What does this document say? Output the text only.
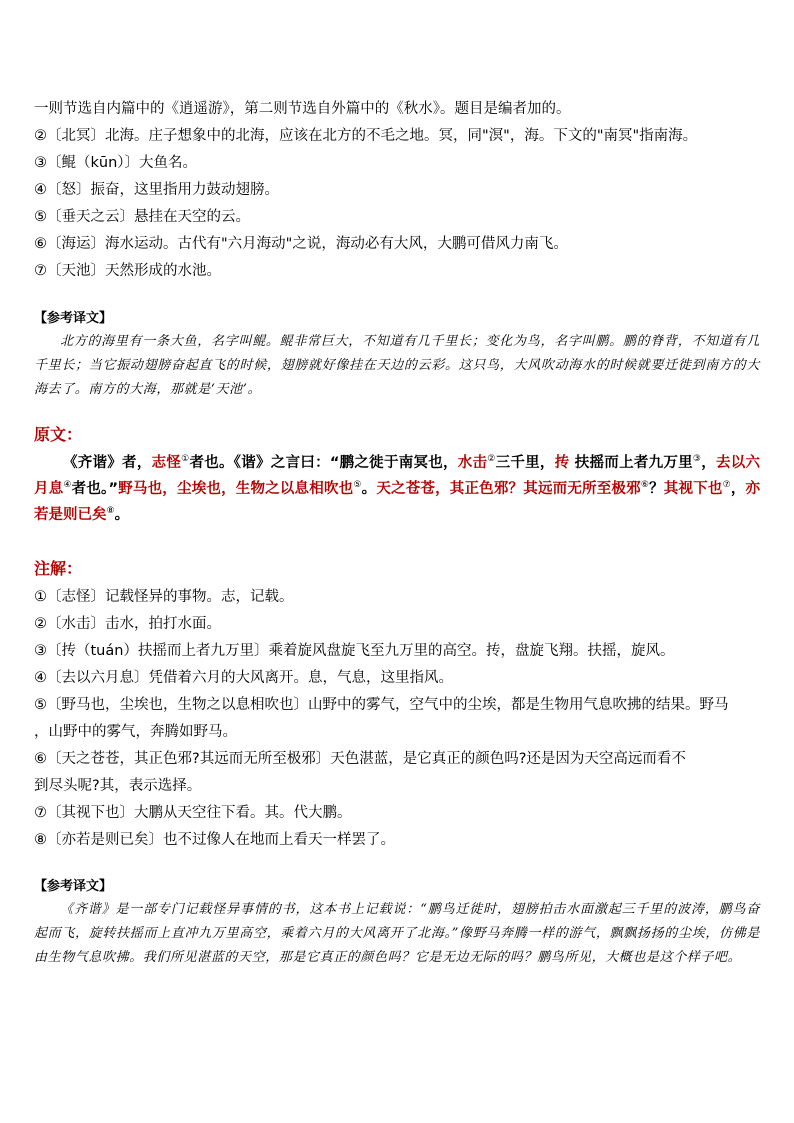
一则节选自内篇中的《逍遥游》，第二则节选自外篇中的《秋水》。题目是编者加的。
②〔北冥〕北海。庄子想象中的北海，应该在北方的不毛之地。冥，同"溟"，海。下文的"南冥"指南海。
③〔鲲（kūn）〕大鱼名。
④〔怒〕振奋，这里指用力鼓动翅膀。
⑤〔垂天之云〕悬挂在天空的云。
⑥〔海运〕海水运动。古代有"六月海动"之说，海动必有大风，大鹏可借风力南飞。
⑦〔天池〕天然形成的水池。
【参考译文】
北方的海里有一条大鱼，名字叫鲲。鲲非常巨大，不知道有几千里长；变化为鸟，名字叫鹏。鹏的脊背，不知道有几千里长；当它振动翅膀奋起直飞的时候，翅膀就好像挂在天边的云彩。这只鸟，大风吹动海水的时候就要迁徙到南方的大海去了。南方的大海，那就是‘天池’。
原文：
《齐谐》者，志怪①者也。《谐》之言曰：“鹏之徙于南冥也，水击②三千里，抟 扶摇而上者九万里③，去以六月息④者也。”野马也，尘埃也，生物之以息相吹也⑤。天之苍苍，其正色邪？其远而无所至极邪⑥？其视下也⑦，亦若是则已矣⑧。
注解：
①〔志怪〕记载怪异的事物。志，记载。
②〔水击〕击水，拍打水面。
③〔抟（tuán）扶摇而上者九万里〕乘着旋风盘旋飞至九万里的高空。抟，盘旋飞翔。扶摇，旋风。
④〔去以六月息〕凭借着六月的大风离开。息，气息，这里指风。
⑤〔野马也，尘埃也，生物之以息相吹也〕山野中的雾气，空气中的尘埃，都是生物用气息吹拂的结果。野马
，山野中的雾气，奔腾如野马。
⑥〔天之苍苍，其正色邪?其远而无所至极邪〕天色湛蓝，是它真正的颜色吗?还是因为天空高远而看不
到尽头呢?其，表示选择。
⑦〔其视下也〕大鹏从天空往下看。其。代大鹏。
⑧〔亦若是则已矣〕也不过像人在地而上看天一样罢了。
【参考译文】
《齐谐》是一部专门记载怪异事情的书，这本书上记载说：“鹏鸟迁徙时，翅膀拍击水面激起三千里的波涛，鹏鸟奋起而飞，旋转扶摇而上直冲九万里高空，乘着六月的大风离开了北海。”像野马奔腾一样的游气，飘飘扬扬的尘埃，仿佛是由生物气息吹拂。我们所见湛蓝的天空，那是它真正的颜色吗？它是无边无际的吗？鹏鸟所见，大概也是这个样子吧。
